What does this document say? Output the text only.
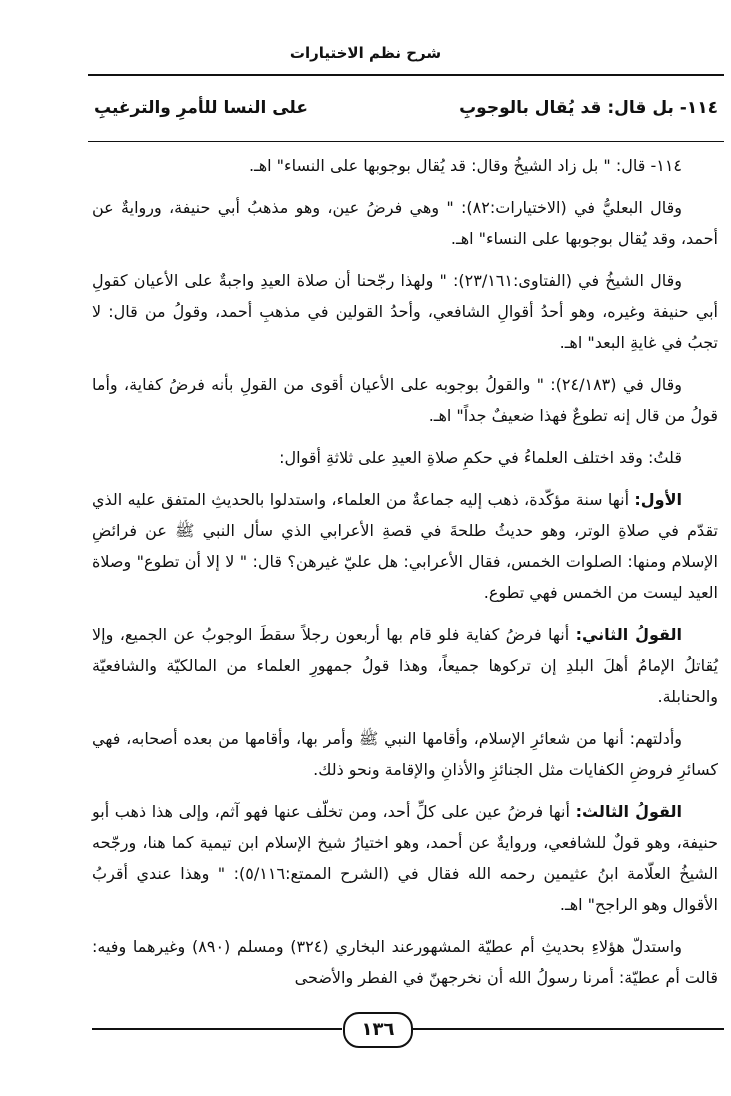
شرح نظم الاختيارات
١١٤- بل قال: قد يُقال بالوجوبِ
على النسا للأمرِ والترغيبِ

١١٤- قال: " بل زاد الشيخُ وقال: قد يُقال بوجوبها على النساء" اهـ.

وقال البعليُّ في (الاختيارات:٨٢): " وهي فرضُ عين، وهو مذهبُ أبي حنيفة، وروايةٌ عن أحمد، وقد يُقال بوجوبها على النساء" اهـ.

وقال الشيخُ في (الفتاوى:٢٣/١٦١): " ولهذا رجّحنا أن صلاة العيدِ واجبةٌ على الأعيان كقولِ أبي حنيفة وغيره، وهو أحدُ أقوالِ الشافعي، وأحدُ القولين في مذهبِ أحمد، وقولُ من قال: لا تجبُ في غايةِ البعد" اهـ.

وقال في (٢٤/١٨٣): " والقولُ بوجوبه على الأعيان أقوى من القولِ بأنه فرضُ كفاية، وأما قولُ من قال إنه تطوعٌ فهذا ضعيفٌ جداً" اهـ.

قلتُ: وقد اختلف العلماءُ في حكمِ صلاةِ العيدِ على ثلاثةِ أقوال:

الأول: أنها سنة مؤكّدة، ذهب إليه جماعةٌ من العلماء، واستدلوا بالحديثِ المتفق عليه الذي تقدّم في صلاةِ الوتر، وهو حديثُ طلحةَ في قصةِ الأعرابي الذي سأل النبي ﷺ عن فرائضِ الإسلام ومنها: الصلوات الخمس، فقال الأعرابي: هل عليّ غيرهن؟ قال: " لا إلا أن تطوع" وصلاة العيد ليست من الخمس فهي تطوع.

القولُ الثاني: أنها فرضُ كفاية فلو قام بها أربعون رجلاً سقطَ الوجوبُ عن الجميع، وإلا يُقاتلُ الإمامُ أهلَ البلدِ إن تركوها جميعاً، وهذا قولُ جمهورِ العلماء من المالكيّة والشافعيّة والحنابلة.

وأدلتهم: أنها من شعائرِ الإسلام، وأقامها النبي ﷺ وأمر بها، وأقامها من بعده أصحابه، فهي كسائرِ فروضِ الكفايات مثل الجنائزِ والأذانِ والإقامة ونحو ذلك.

القولُ الثالث: أنها فرضُ عين على كلِّ أحد، ومن تخلّف عنها فهو آثم، وإلى هذا ذهب أبو حنيفة، وهو قولٌ للشافعي، وروايةٌ عن أحمد، وهو اختيارُ شيخ الإسلام ابن تيمية كما هنا، ورجّحه الشيخُ العلّامة ابنُ عثيمين رحمه الله فقال في (الشرح الممتع:٥/١١٦): " وهذا عندي أقربُ الأقوال وهو الراجح" اهـ.

واستدلّ هؤلاءِ بحديثِ أم عطيّة المشهورعند البخاري (٣٢٤) ومسلم (٨٩٠) وغيرهما وفيه: قالت أم عطيّة: أمرنا رسولُ الله أن نخرجهنّ في الفطر والأضحى

١٣٦
